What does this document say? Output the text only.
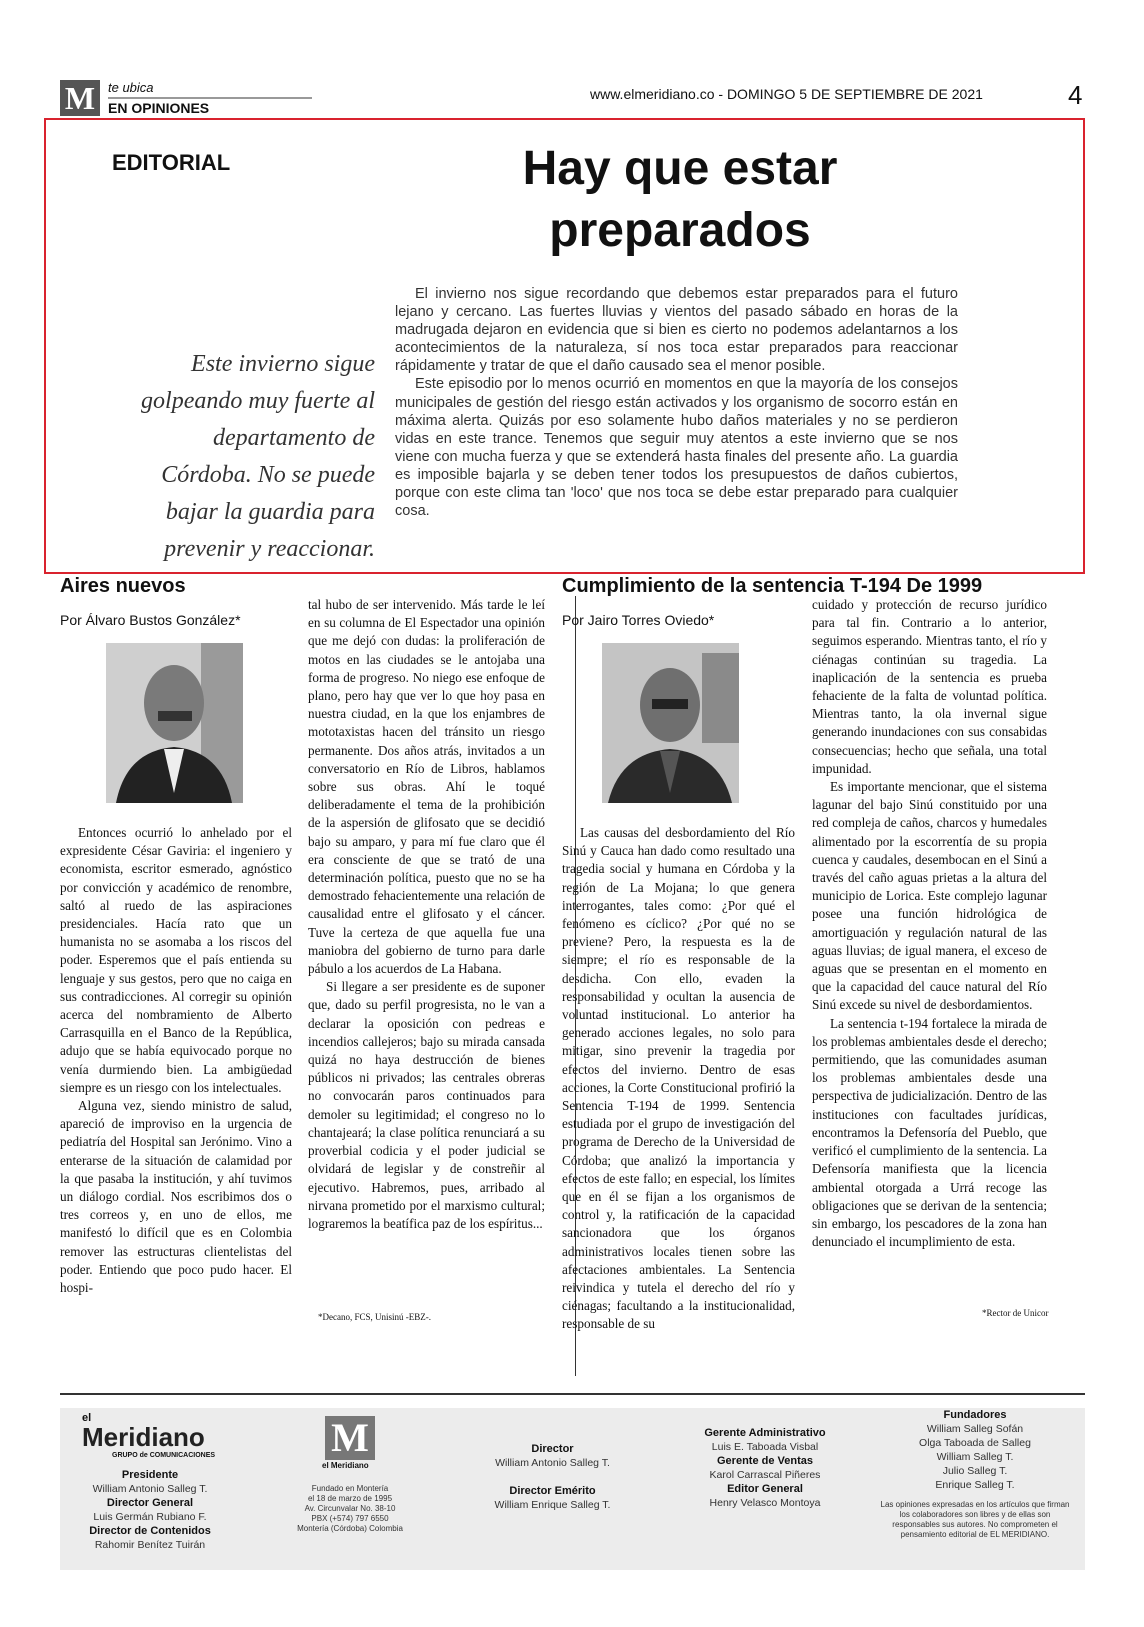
M te ubica
EN OPINIONES
www.elmeridiano.co - DOMINGO 5 DE SEPTIEMBRE DE 2021	4
EDITORIAL	Hay que estar preparados
Este invierno sigue golpeando muy fuerte al departamento de Córdoba. No se puede bajar la guardia para prevenir y reaccionar.

El invierno nos sigue recordando que debemos estar preparados para el futuro lejano y cercano. Las fuertes lluvias y vientos del pasado sábado en horas de la madrugada dejaron en evidencia que si bien es cierto no podemos adelantarnos a los acontecimientos de la naturaleza, sí nos toca estar preparados para reaccionar rápidamente y tratar de que el daño causado sea el menor posible.

Este episodio por lo menos ocurrió en momentos en que la mayoría de los consejos municipales de gestión del riesgo están activados y los organismo de socorro están en máxima alerta. Quizás por eso solamente hubo daños materiales y no se perdieron vidas en este trance. Tenemos que seguir muy atentos a este invierno que se nos viene con mucha fuerza y que se extenderá hasta finales del presente año. La guardia es imposible bajarla y se deben tener todos los presupuestos de daños cubiertos, porque con este clima tan 'loco' que nos toca se debe estar preparado para cualquier cosa.

Aires nuevos
Por Álvaro Bustos González*

Entonces ocurrió lo anhelado por el expresidente César Gaviria: el ingeniero y economista, escritor esmerado, agnóstico por convicción y académico de renombre, saltó al ruedo de las aspiraciones presidenciales. Hacía rato que un humanista no se asomaba a los riscos del poder. Esperemos que el país entienda su lenguaje y sus gestos, pero que no caiga en sus contradicciones. Al corregir su opinión acerca del nombramiento de Alberto Carrasquilla en el Banco de la República, adujo que se había equivocado porque no venía durmiendo bien. La ambigüedad siempre es un riesgo con los intelectuales.

Alguna vez, siendo ministro de salud, apareció de improviso en la urgencia de pediatría del Hospital san Jerónimo. Vino a enterarse de la situación de calamidad por la que pasaba la institución, y ahí tuvimos un diálogo cordial. Nos escribimos dos o tres correos y, en uno de ellos, me manifestó lo difícil que es en Colombia remover las estructuras clientelistas del poder. Entiendo que poco pudo hacer. El hospi-

tal hubo de ser intervenido. Más tarde le leí en su columna de El Espectador una opinión que me dejó con dudas: la proliferación de motos en las ciudades se le antojaba una forma de progreso. No niego ese enfoque de plano, pero hay que ver lo que hoy pasa en nuestra ciudad, en la que los enjambres de mototaxistas hacen del tránsito un riesgo permanente. Dos años atrás, invitados a un conversatorio en Río de Libros, hablamos sobre sus obras. Ahí le toqué deliberadamente el tema de la prohibición de la aspersión de glifosato que se decidió bajo su amparo, y para mí fue claro que él era consciente de que se trató de una determinación política, puesto que no se ha demostrado fehacientemente una relación de causalidad entre el glifosato y el cáncer. Tuve la certeza de que aquella fue una maniobra del gobierno de turno para darle pábulo a los acuerdos de La Habana.

Si llegare a ser presidente es de suponer que, dado su perfil progresista, no le van a declarar la oposición con pedreas e incendios callejeros; bajo su mirada cansada quizá no haya destrucción de bienes públicos ni privados; las centrales obreras no convocarán paros continuados para demoler su legitimidad; el congreso no lo chantajeará; la clase política renunciará a su proverbial codicia y el poder judicial se olvidará de legislar y de constreñir al ejecutivo. Habremos, pues, arribado al nirvana prometido por el marxismo cultural; lograremos la beatífica paz de los espíritus...

*Decano, FCS, Unisinú -EBZ-.
Cumplimiento de la sentencia T-194 De 1999
Por Jairo Torres Oviedo*

Las causas del desbordamiento del Río Sinú y Cauca han dado como resultado una tragedia social y humana en Córdoba y la región de La Mojana; lo que genera interrogantes, tales como: ¿Por qué el fenómeno es cíclico? ¿Por qué no se previene? Pero, la respuesta es la de siempre; el río es responsable de la desdicha. Con ello, evaden la responsabilidad y ocultan la ausencia de voluntad institucional. Lo anterior ha generado acciones legales, no solo para mitigar, sino prevenir la tragedia por efectos del invierno. Dentro de esas acciones, la Corte Constitucional profirió la Sentencia T-194 de 1999. Sentencia estudiada por el grupo de investigación del programa de Derecho de la Universidad de Córdoba; que analizó la importancia y efectos de este fallo; en especial, los límites que en él se fijan a los organismos de control y, la ratificación de la capacidad sancionadora que los órganos administrativos locales tienen sobre las afectaciones ambientales. La Sentencia reivindica y tutela el derecho del río y ciénagas; facultando a la institucionalidad, responsable de su

cuidado y protección de recurso jurídico para tal fin. Contrario a lo anterior, seguimos esperando. Mientras tanto, el río y ciénagas continúan su tragedia. La inaplicación de la sentencia es prueba fehaciente de la falta de voluntad política. Mientras tanto, la ola invernal sigue generando inundaciones con sus consabidas consecuencias; hecho que señala, una total impunidad.

Es importante mencionar, que el sistema lagunar del bajo Sinú constituido por una red compleja de caños, charcos y humedales alimentado por la escorrentía de su propia cuenca y caudales, desembocan en el Sinú a través del caño aguas prietas a la altura del municipio de Lorica. Este complejo lagunar posee una función hidrológica de amortiguación y regulación natural de las aguas lluvias; de igual manera, el exceso de aguas que se presentan en el momento en que la capacidad del cauce natural del Río Sinú excede su nivel de desbordamientos.

La sentencia t-194 fortalece la mirada de los problemas ambientales desde el derecho; permitiendo, que las comunidades asuman los problemas ambientales desde una perspectiva de judicialización. Dentro de las instituciones con facultades jurídicas, encontramos la Defensoría del Pueblo, que verificó el cumplimiento de la sentencia. La Defensoría manifiesta que la licencia ambiental otorgada a Urrá recoge las obligaciones que se derivan de la sentencia; sin embargo, los pescadores de la zona han denunciado el incumplimiento de esta.

*Rector de Unicor
el
Meridiano
GRUPO de COMUNICACIONES
Presidente
William Antonio Salleg T.
Director General
Luis Germán Rubiano F.
Director de Contenidos
Rahomir Benítez Tuirán
M
el Meridiano
Fundado en Montería
el 18 de marzo de 1995
Av. Circunvalar No. 38-10
PBX (+574) 797 6550
Montería (Córdoba) Colombia
Director
William Antonio Salleg T.
Director Emérito
William Enrique Salleg T.
Gerente Administrativo
Luis E. Taboada Visbal
Gerente de Ventas
Karol Carrascal Piñeres
Editor General
Henry Velasco Montoya
Fundadores
William Salleg Sofán
Olga Taboada de Salleg
William Salleg T.
Julio Salleg T.
Enrique Salleg T.
Las opiniones expresadas en los artículos que firman los colaboradores son libres y de ellas son responsables sus autores. No comprometen el pensamiento editorial de EL MERIDIANO.
